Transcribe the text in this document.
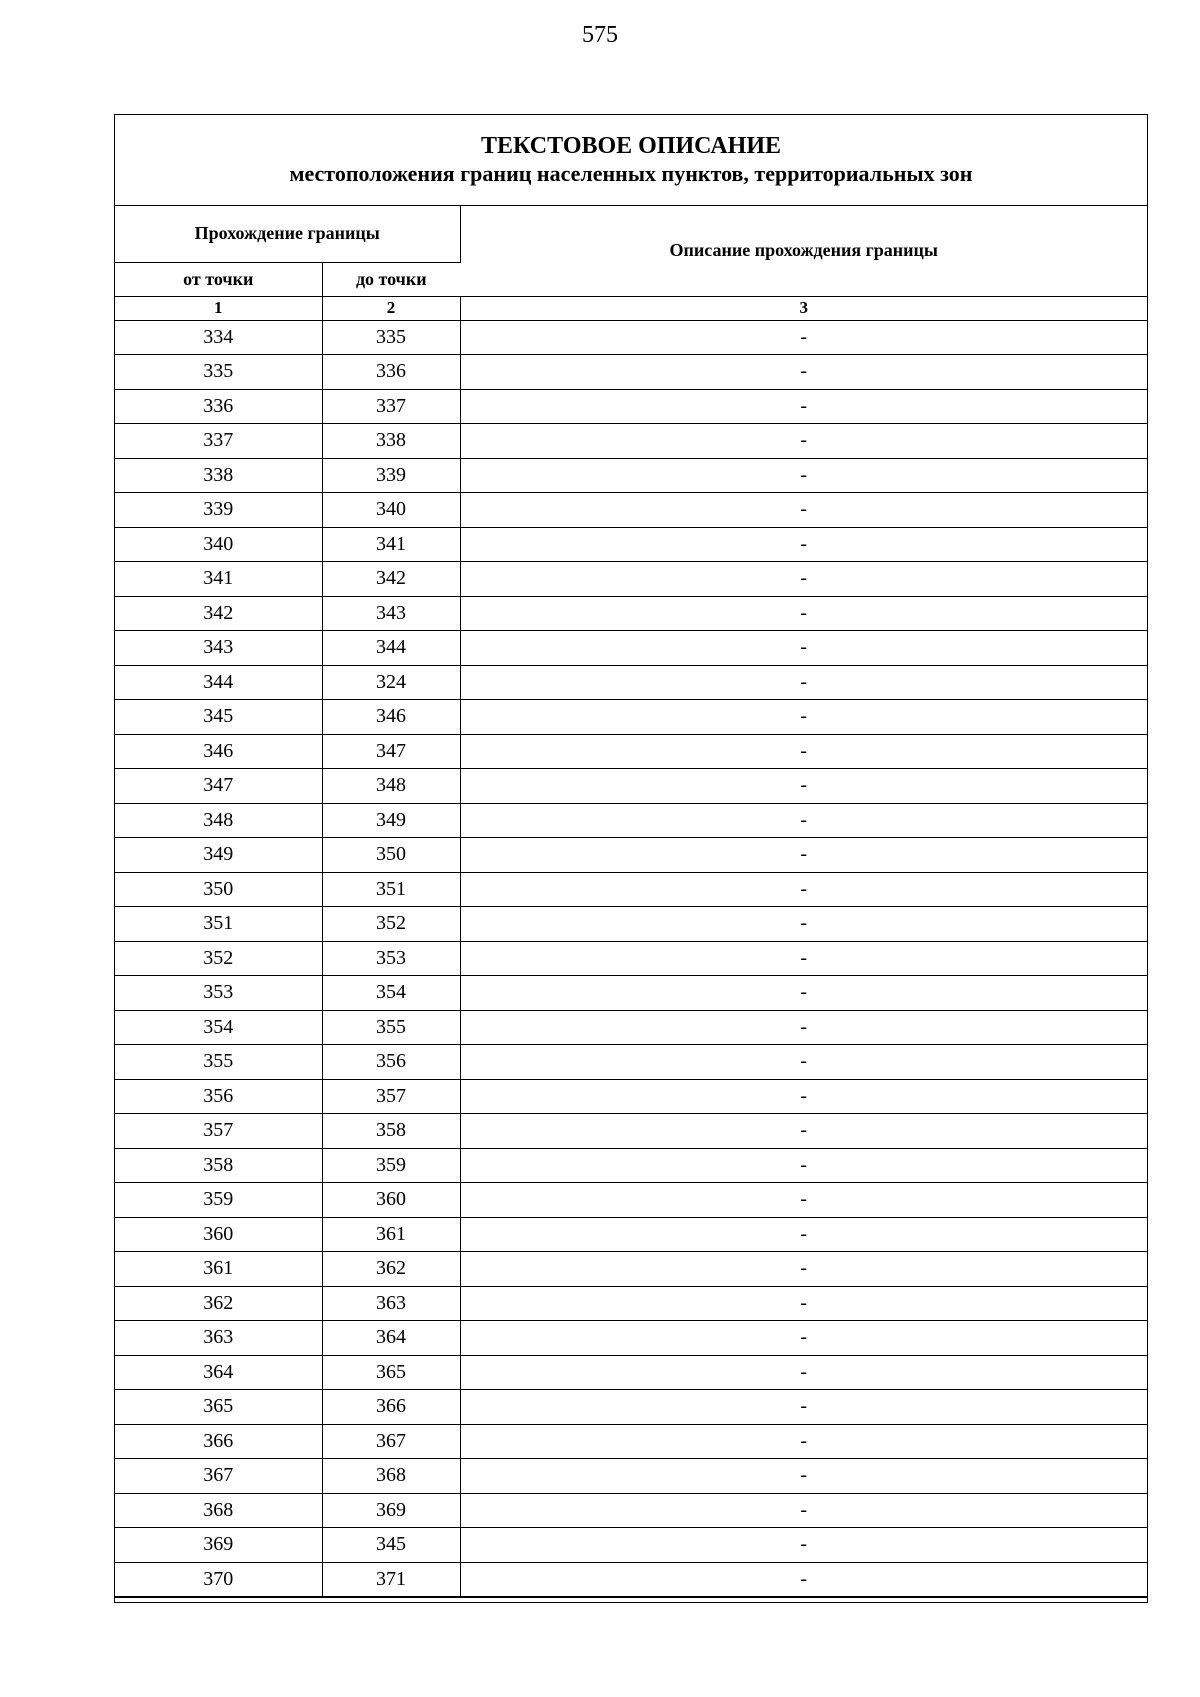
575
ТЕКСТОВОЕ ОПИСАНИЕ
местоположения границ населенных пунктов, территориальных зон
Прохождение границы		Описание прохождения границы
от точки	до точки	
1	2	3
334	335	-
335	336	-
336	337	-
337	338	-
338	339	-
339	340	-
340	341	-
341	342	-
342	343	-
343	344	-
344	324	-
345	346	-
346	347	-
347	348	-
348	349	-
349	350	-
350	351	-
351	352	-
352	353	-
353	354	-
354	355	-
355	356	-
356	357	-
357	358	-
358	359	-
359	360	-
360	361	-
361	362	-
362	363	-
363	364	-
364	365	-
365	366	-
366	367	-
367	368	-
368	369	-
369	345	-
370	371	-
